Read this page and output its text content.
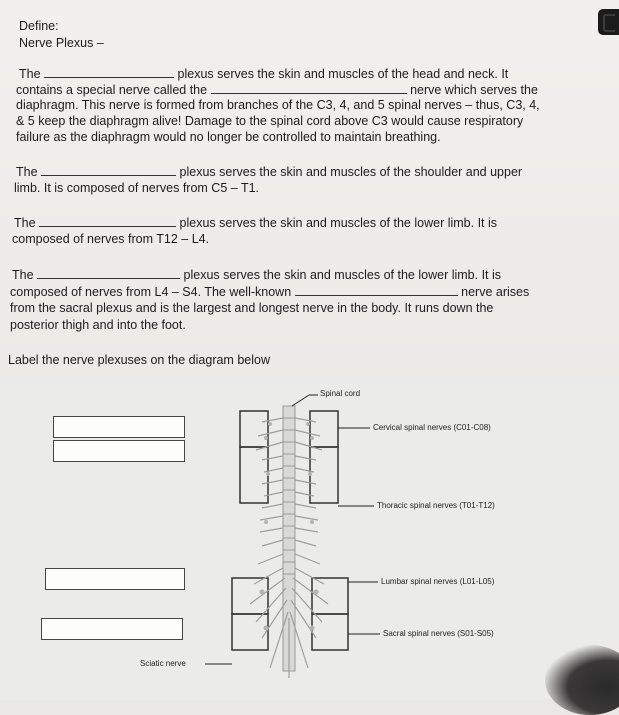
Define:
Nerve Plexus –
The	plexus serves the skin and muscles of the head and neck. It
contains a special nerve called the	nerve which serves the
diaphragm. This nerve is formed from branches of the C3, 4, and 5 spinal nerves – thus, C3, 4,
& 5 keep the diaphragm alive! Damage to the spinal cord above C3 would cause respiratory
failure as the diaphragm would no longer be controlled to maintain breathing.
The	plexus serves the skin and muscles of the shoulder and upper
limb. It is composed of nerves from C5 – T1.
The	plexus serves the skin and muscles of the lower limb. It is
composed of nerves from T12 – L4.
The	plexus serves the skin and muscles of the lower limb. It is
composed of nerves from L4 – S4. The well-known	nerve arises
from the sacral plexus and is the largest and longest nerve in the body. It runs down the
posterior thigh and into the foot.
Label the nerve plexuses on the diagram below
Spinal cord
Cervical spinal nerves (C01-C08)
Thoracic spinal nerves (T01-T12)
Lumbar spinal nerves (L01-L05)
Sacral spinal nerves (S01-S05)
Sciatic nerve
